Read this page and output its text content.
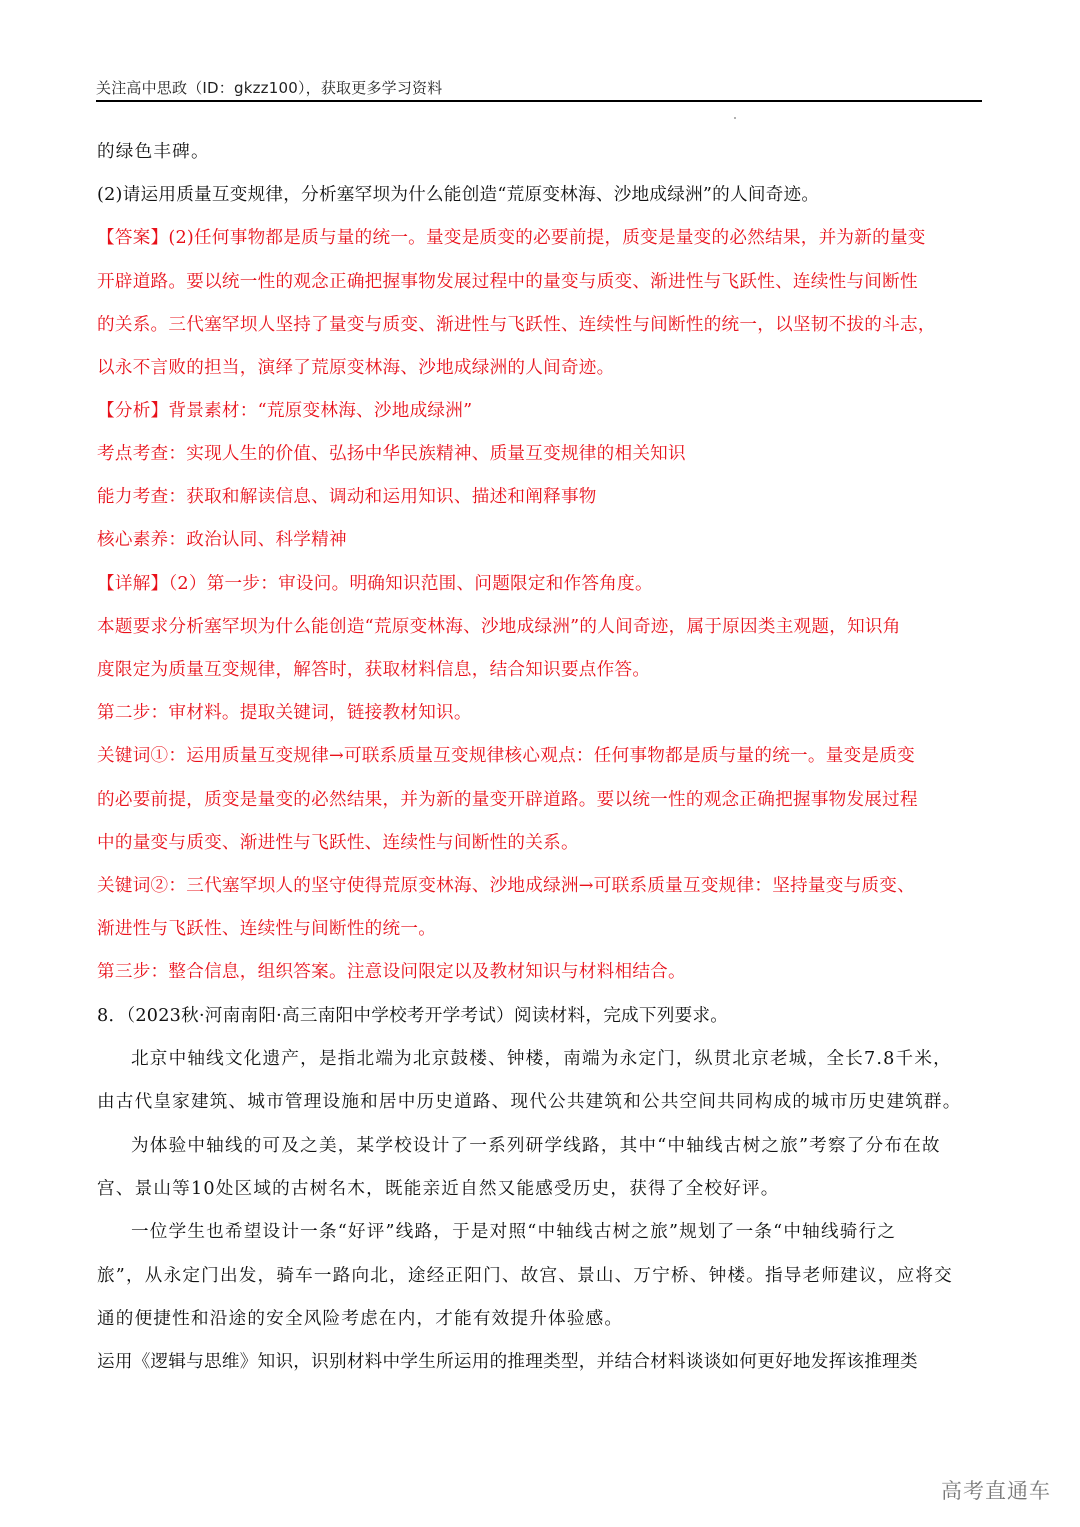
关注高中思政（ID：gkzz100），获取更多学习资料
的绿色丰碑。
(2)请运用质量互变规律，分析塞罕坝为什么能创造“荒原变林海、沙地成绿洲”的人间奇迹。
【答案】(2)任何事物都是质与量的统一。量变是质变的必要前提，质变是量变的必然结果，并为新的量变
开辟道路。要以统一性的观念正确把握事物发展过程中的量变与质变、渐进性与飞跃性、连续性与间断性
的关系。三代塞罕坝人坚持了量变与质变、渐进性与飞跃性、连续性与间断性的统一，以坚韧不拔的斗志，
以永不言败的担当，演绎了荒原变林海、沙地成绿洲的人间奇迹。
【分析】背景素材：“荒原变林海、沙地成绿洲”
考点考查：实现人生的价值、弘扬中华民族精神、质量互变规律的相关知识
能力考查：获取和解读信息、调动和运用知识、描述和阐释事物
核心素养：政治认同、科学精神
【详解】（2）第一步：审设问。明确知识范围、问题限定和作答角度。
本题要求分析塞罕坝为什么能创造“荒原变林海、沙地成绿洲”的人间奇迹，属于原因类主观题，知识角
度限定为质量互变规律，解答时，获取材料信息，结合知识要点作答。
第二步：审材料。提取关键词，链接教材知识。
关键词①：运用质量互变规律→可联系质量互变规律核心观点：任何事物都是质与量的统一。量变是质变
的必要前提，质变是量变的必然结果，并为新的量变开辟道路。要以统一性的观念正确把握事物发展过程
中的量变与质变、渐进性与飞跃性、连续性与间断性的关系。
关键词②：三代塞罕坝人的坚守使得荒原变林海、沙地成绿洲→可联系质量互变规律：坚持量变与质变、
渐进性与飞跃性、连续性与间断性的统一。
第三步：整合信息，组织答案。注意设问限定以及教材知识与材料相结合。
8．（2023秋·河南南阳·高三南阳中学校考开学考试）阅读材料，完成下列要求。
北京中轴线文化遗产，是指北端为北京鼓楼、钟楼，南端为永定门，纵贯北京老城，全长7.8千米，
由古代皇家建筑、城市管理设施和居中历史道路、现代公共建筑和公共空间共同构成的城市历史建筑群。
为体验中轴线的可及之美，某学校设计了一系列研学线路，其中“中轴线古树之旅”考察了分布在故
宫、景山等10处区域的古树名木，既能亲近自然又能感受历史，获得了全校好评。
一位学生也希望设计一条“好评”线路，于是对照“中轴线古树之旅”规划了一条“中轴线骑行之
旅”，从永定门出发，骑车一路向北，途经正阳门、故宫、景山、万宁桥、钟楼。指导老师建议，应将交
通的便捷性和沿途的安全风险考虑在内，才能有效提升体验感。
运用《逻辑与思维》知识，识别材料中学生所运用的推理类型，并结合材料谈谈如何更好地发挥该推理类
高考直通车
